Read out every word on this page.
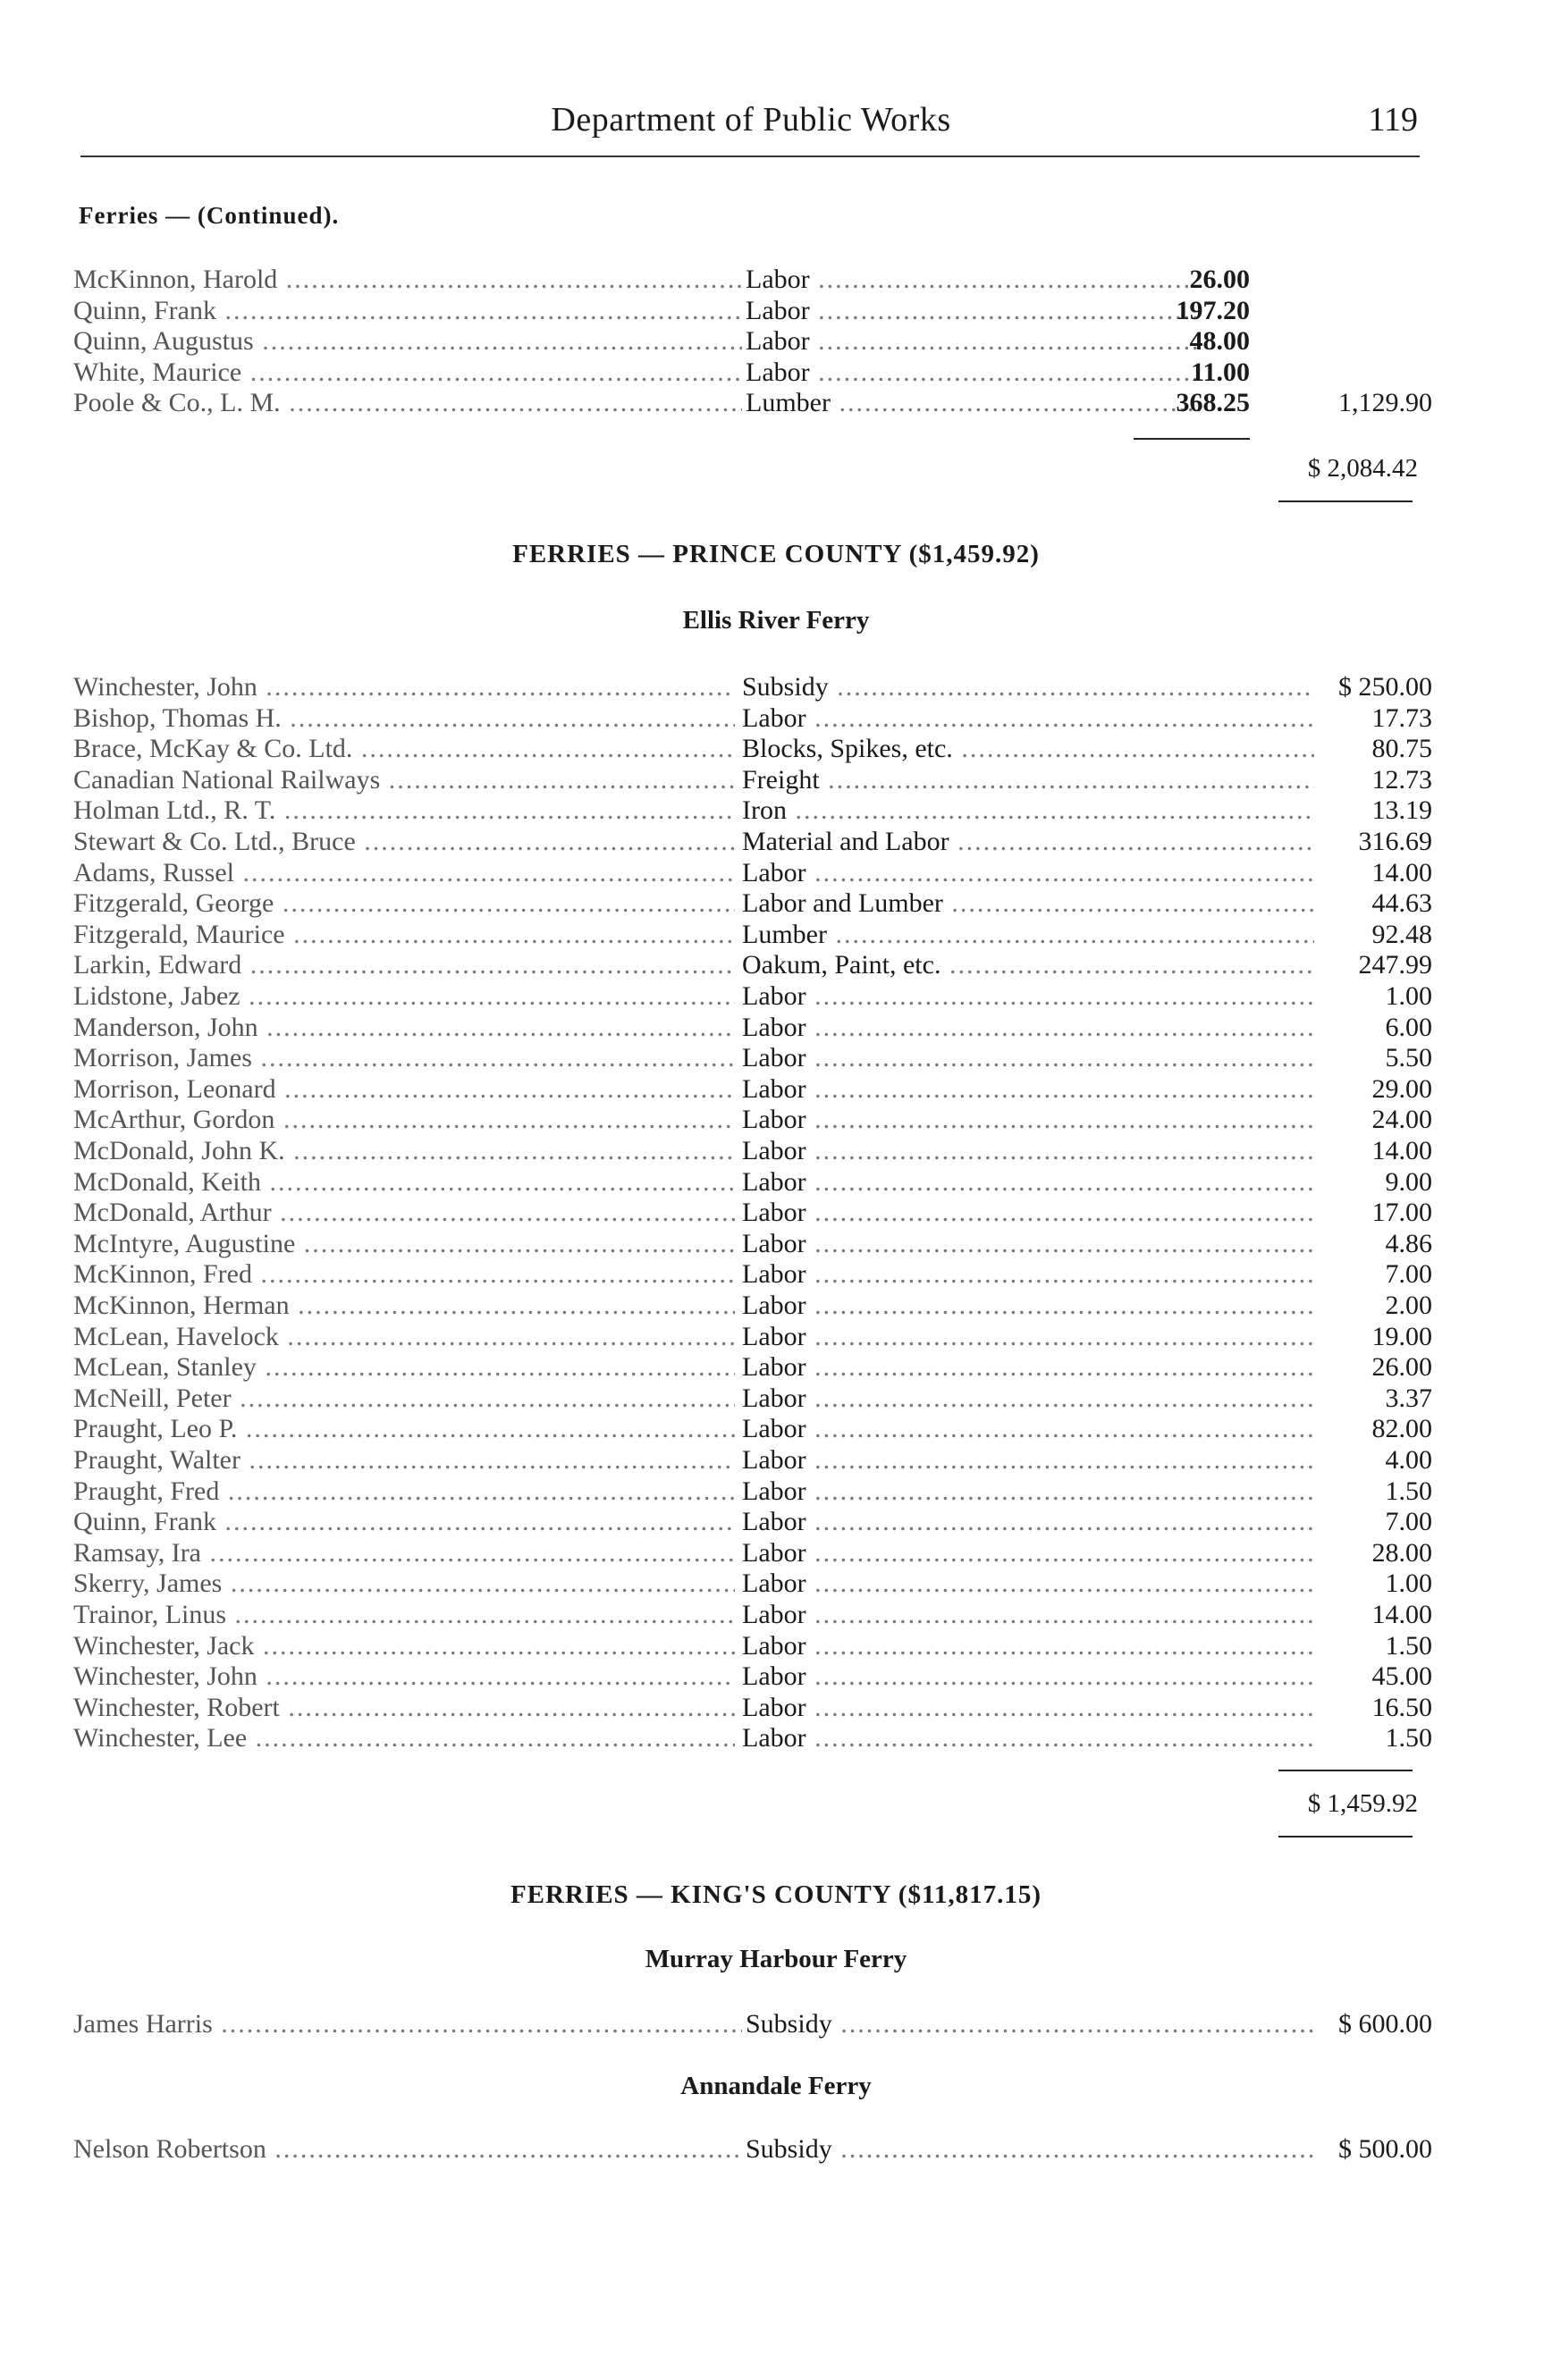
Department of Public Works	119
Ferries — (Continued).
McKinnon, Harold .....	Labor .....	26.00
Quinn, Frank .....	Labor .....	197.20
Quinn, Augustus .....	Labor .....	48.00
White, Maurice .....	Labor .....	11.00
Poole & Co., L. M. .....	Lumber .....	368.25	1,129.90
$ 2,084.42
FERRIES — PRINCE COUNTY ($1,459.92)
Ellis River Ferry
Winchester, John .....	Subsidy .....	$ 250.00
Bishop, Thomas H. .....	Labor .....	17.73
Brace, McKay & Co. Ltd. .....	Blocks, Spikes, etc. .....	80.75
Canadian National Railways .....	Freight .....	12.73
Holman Ltd., R. T. .....	Iron .....	13.19
Stewart & Co. Ltd., Bruce .....	Material and Labor .....	316.69
Adams, Russel .....	Labor .....	14.00
Fitzgerald, George .....	Labor and Lumber .....	44.63
Fitzgerald, Maurice .....	Lumber .....	92.48
Larkin, Edward .....	Oakum, Paint, etc. .....	247.99
Lidstone, Jabez .....	Labor .....	1.00
Manderson, John .....	Labor .....	6.00
Morrison, James .....	Labor .....	5.50
Morrison, Leonard .....	Labor .....	29.00
McArthur, Gordon .....	Labor .....	24.00
McDonald, John K. .....	Labor .....	14.00
McDonald, Keith .....	Labor .....	9.00
McDonald, Arthur .....	Labor .....	17.00
McIntyre, Augustine .....	Labor .....	4.86
McKinnon, Fred .....	Labor .....	7.00
McKinnon, Herman .....	Labor .....	2.00
McLean, Havelock .....	Labor .....	19.00
McLean, Stanley .....	Labor .....	26.00
McNeill, Peter .....	Labor .....	3.37
Praught, Leo P. .....	Labor .....	82.00
Praught, Walter .....	Labor .....	4.00
Praught, Fred .....	Labor .....	1.50
Quinn, Frank .....	Labor .....	7.00
Ramsay, Ira .....	Labor .....	28.00
Skerry, James .....	Labor .....	1.00
Trainor, Linus .....	Labor .....	14.00
Winchester, Jack .....	Labor .....	1.50
Winchester, John .....	Labor .....	45.00
Winchester, Robert .....	Labor .....	16.50
Winchester, Lee .....	Labor .....	1.50
$ 1,459.92
FERRIES — KING'S COUNTY ($11,817.15)
Murray Harbour Ferry
James Harris .....	Subsidy .....	$ 600.00
Annandale Ferry
Nelson Robertson .....	Subsidy .....	$ 500.00
